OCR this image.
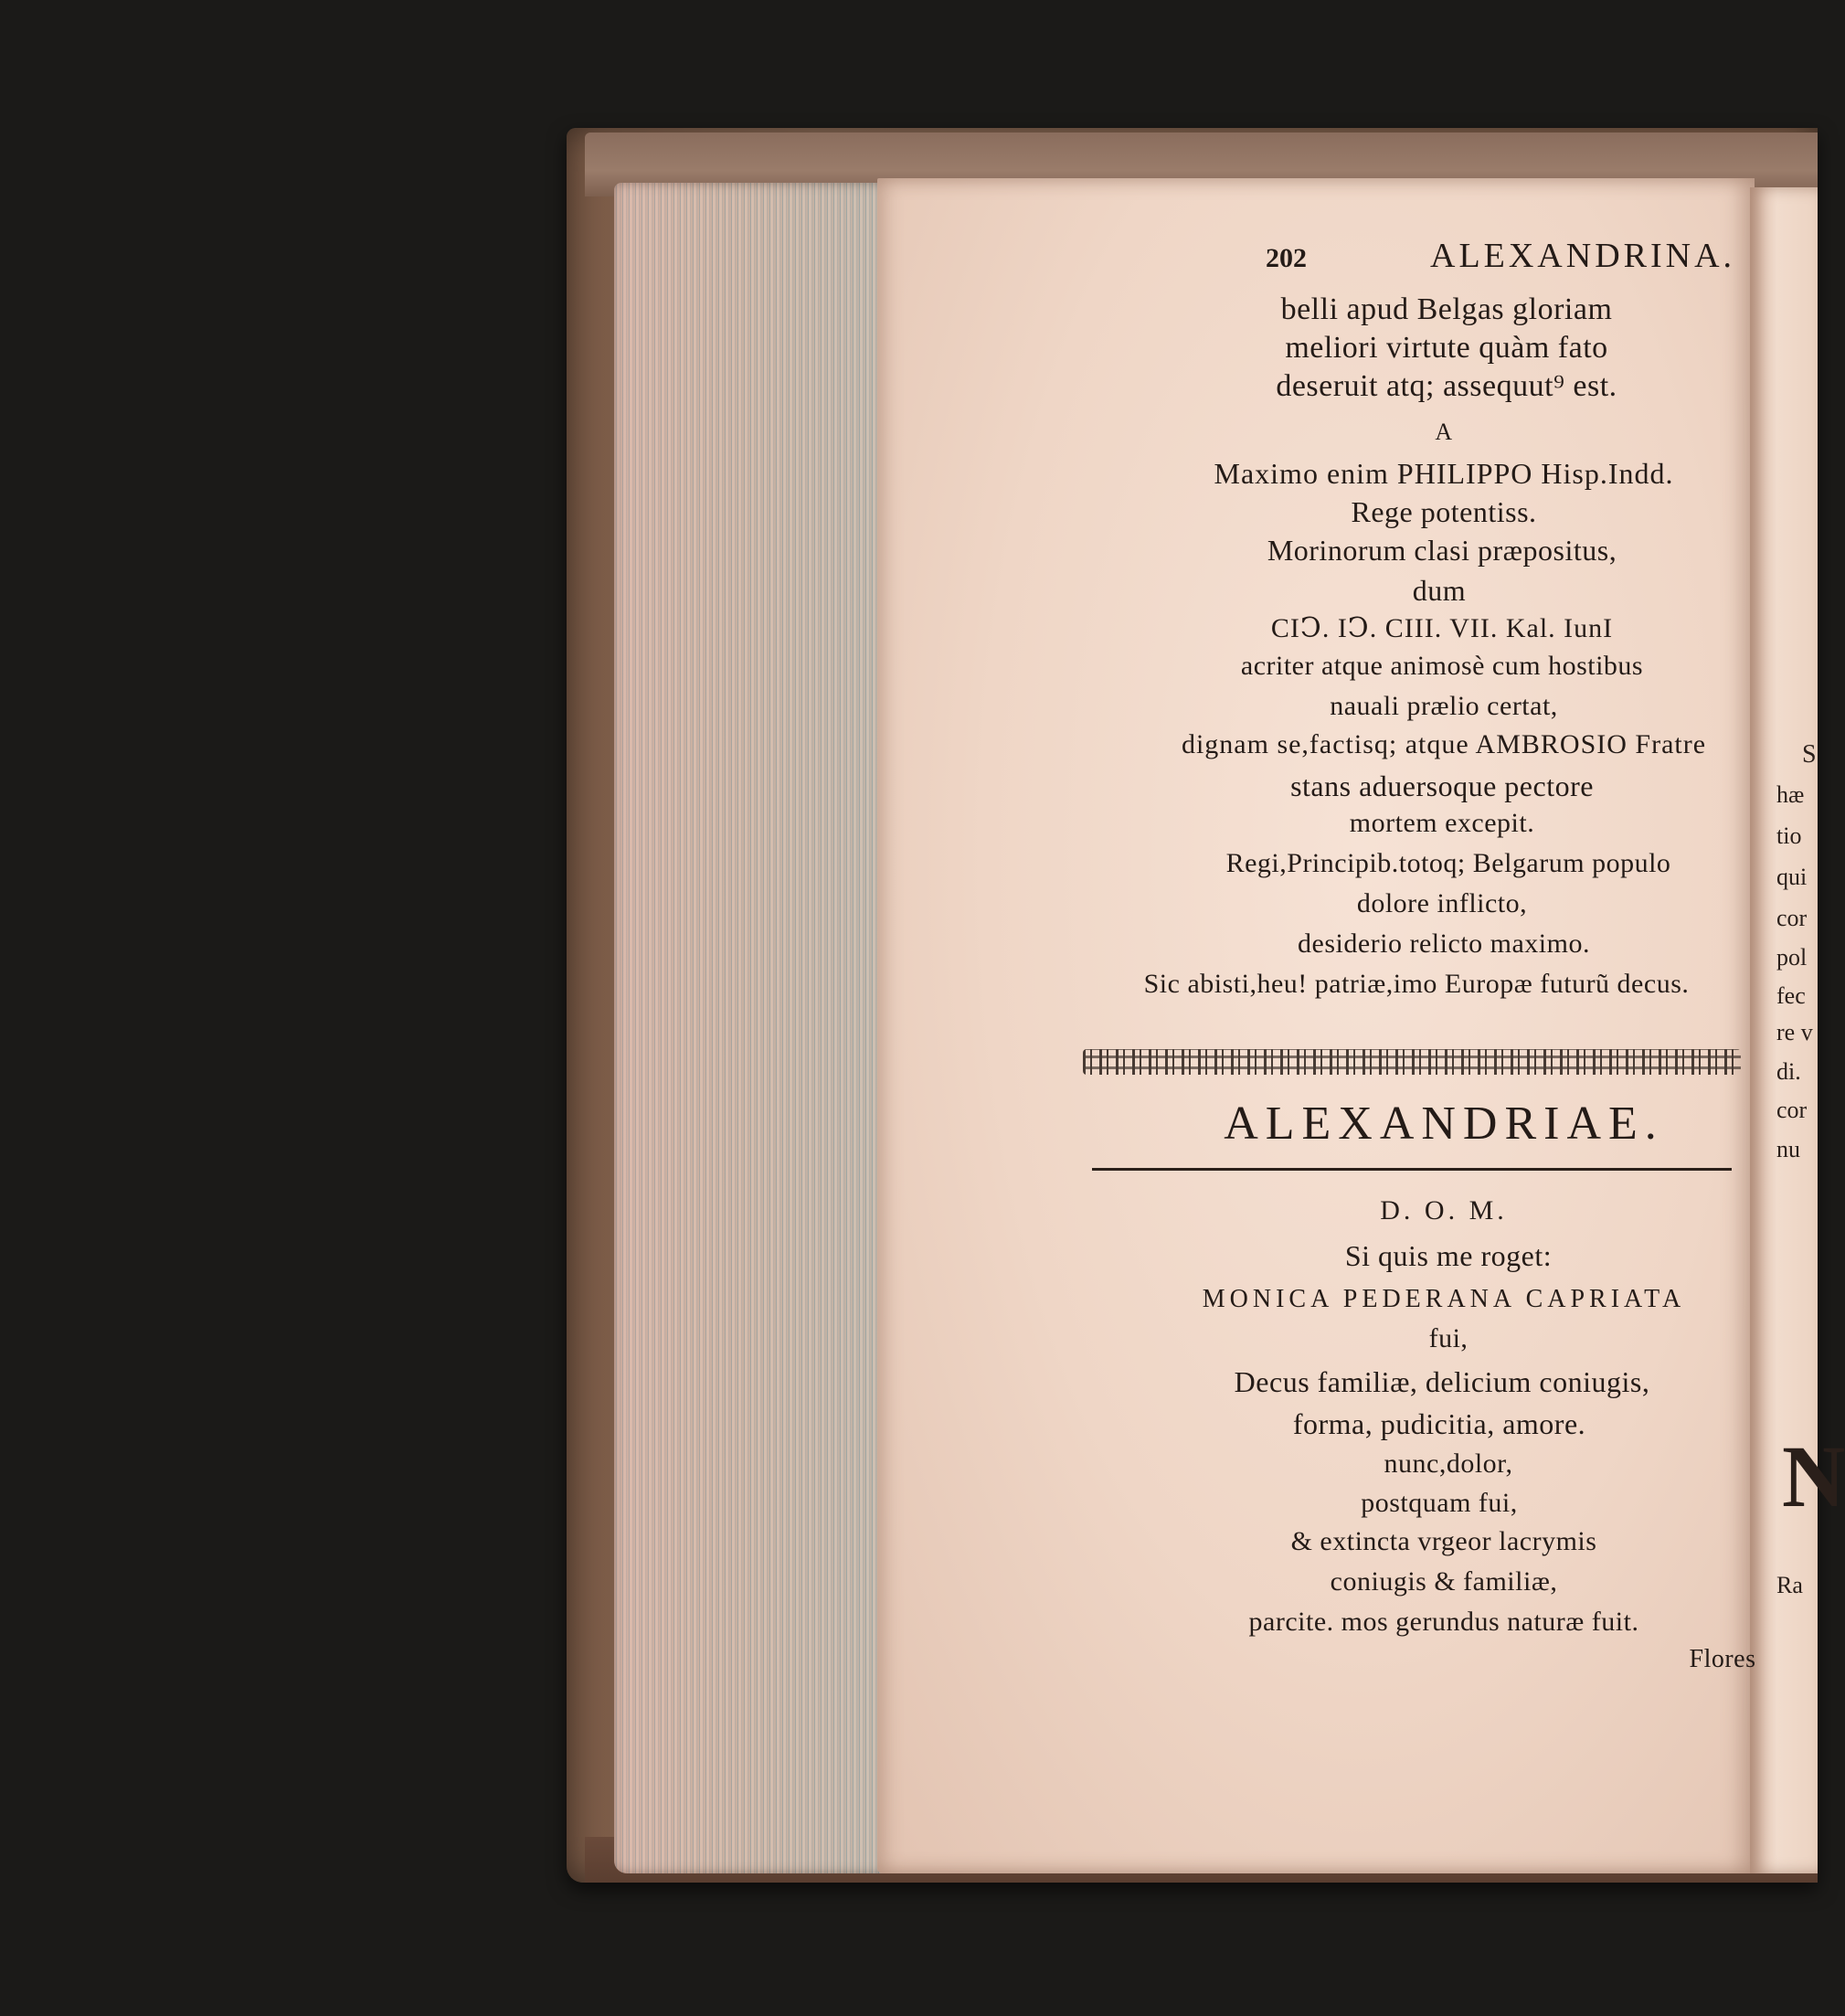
S
hæ
tio
qui
cor
pol
fec
re v
di.
cor
nu
N
Ra
202	ALEXANDRINA.
belli apud Belgas gloriam
meliori virtute quàm fato
deseruit atq; assequut⁹ est.
A
Maximo enim PHILIPPO Hisp.Indd.
Rege potentiss.
Morinorum clasi præpositus,
dum
CIↃ. IↃ. CIII. VII. Kal. IunI
acriter atque animosè cum hostibus
nauali prælio certat,
dignam se,factisq; atque AMBROSIO Fratre
stans aduersoque pectore
mortem excepit.
Regi,Principib.totoq; Belgarum populo
dolore inflicto,
desiderio relicto maximo.
Sic abisti,heu! patriæ,imo Europæ futurũ decus.
ALEXANDRIAE.
D. O. M.
Si quis me roget:
MONICA PEDERANA CAPRIATA
fui,
Decus familiæ, delicium coniugis,
forma, pudicitia, amore.
nunc,dolor,
postquam fui,
& extincta vrgeor lacrymis
coniugis & familiæ,
parcite. mos gerundus naturæ fuit.
Flores
